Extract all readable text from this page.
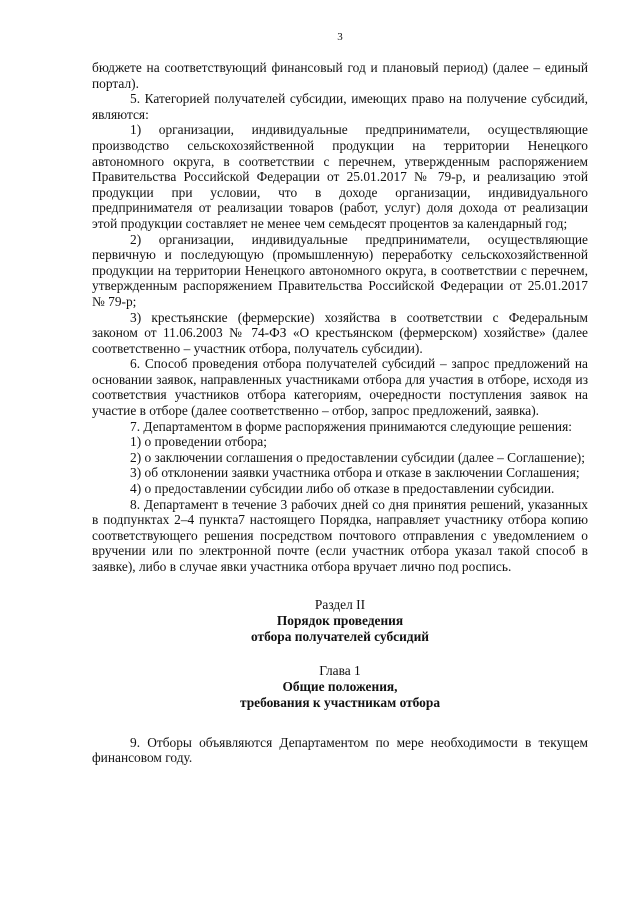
3

бюджете на соответствующий финансовый год и плановый период) (далее – единый портал).

5. Категорией получателей субсидии, имеющих право на получение субсидий, являются:

1) организации, индивидуальные предприниматели, осуществляющие производство сельскохозяйственной продукции на территории Ненецкого автономного округа, в соответствии с перечнем, утвержденным распоряжением Правительства Российской Федерации от 25.01.2017 № 79-р, и реализацию этой продукции при условии, что в доходе организации, индивидуального предпринимателя от реализации товаров (работ, услуг) доля дохода от реализации этой продукции составляет не менее чем семьдесят процентов за календарный год;

2) организации, индивидуальные предприниматели, осуществляющие первичную и последующую (промышленную) переработку сельскохозяйственной продукции на территории Ненецкого автономного округа, в соответствии с перечнем, утвержденным распоряжением Правительства Российской Федерации от 25.01.2017 № 79-р;

3) крестьянские (фермерские) хозяйства в соответствии с Федеральным законом от 11.06.2003 № 74-ФЗ «О крестьянском (фермерском) хозяйстве» (далее соответственно – участник отбора, получатель субсидии).

6. Способ проведения отбора получателей субсидий – запрос предложений на основании заявок, направленных участниками отбора для участия в отборе, исходя из соответствия участников отбора категориям, очередности поступления заявок на участие в отборе (далее соответственно – отбор, запрос предложений, заявка).

7. Департаментом в форме распоряжения принимаются следующие решения:

1) о проведении отбора;

2) о заключении соглашения о предоставлении субсидии (далее – Соглашение);

3) об отклонении заявки участника отбора и отказе в заключении Соглашения;

4) о предоставлении субсидии либо об отказе в предоставлении субсидии.

8. Департамент в течение 3 рабочих дней со дня принятия решений, указанных в подпунктах 2–4 пункта7 настоящего Порядка, направляет участнику отбора копию соответствующего решения посредством почтового отправления с уведомлением о вручении или по электронной почте (если участник отбора указал такой способ в заявке), либо в случае явки участника отбора вручает лично под роспись.

Раздел II

Порядок проведения

отбора получателей субсидий

Глава 1

Общие положения,

требования к участникам отбора

9. Отборы объявляются Департаментом по мере необходимости в текущем финансовом году.
